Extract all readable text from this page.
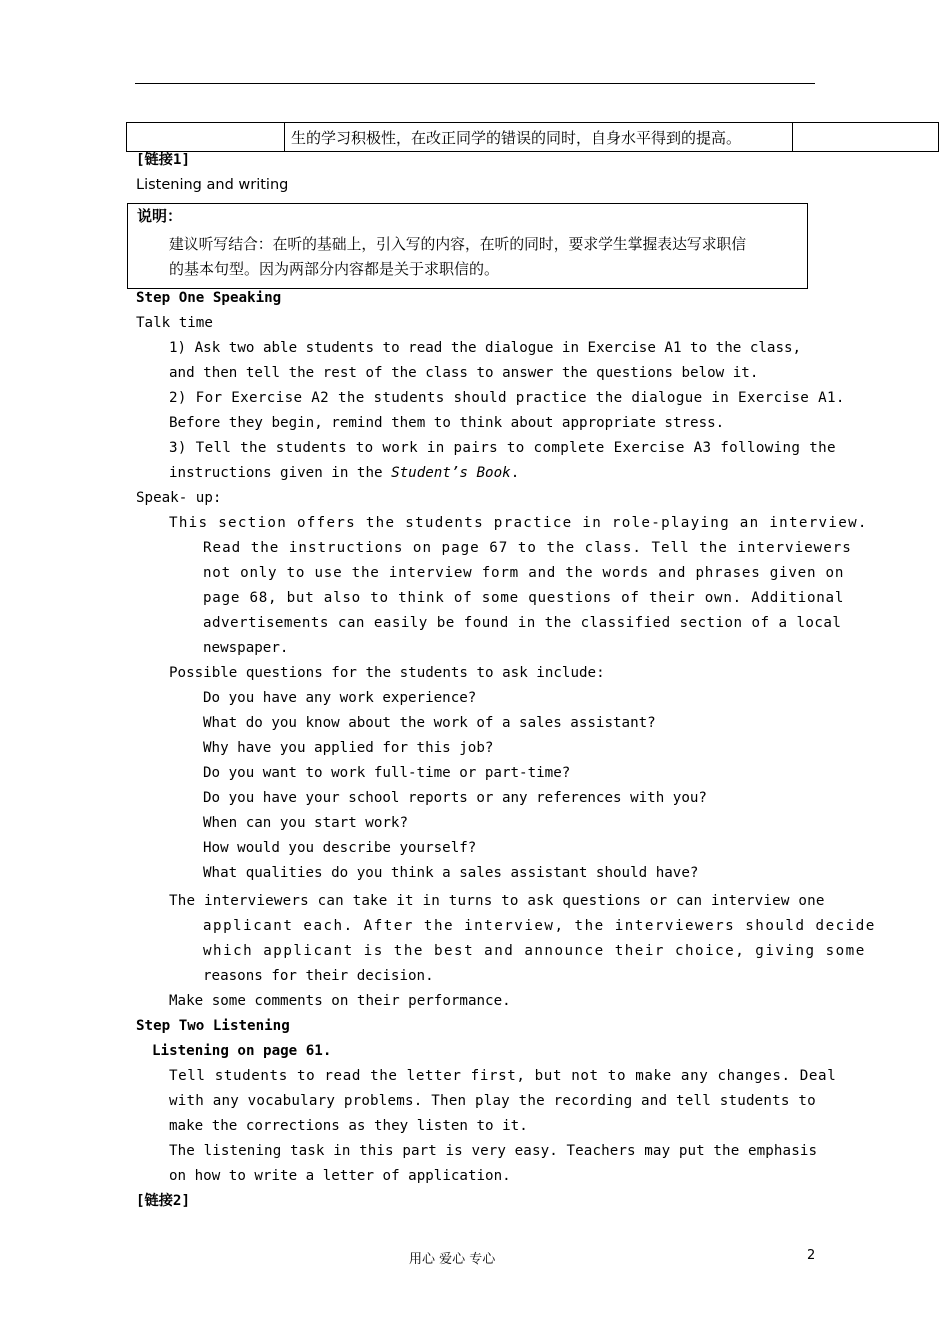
	生的学习积极性，在改正同学的错误的同时，自身水平得到的提高。	
[链接1]
Listening and writing
说明：
建议听写结合：在听的基础上，引入写的内容，在听的同时，要求学生掌握表达写求职信
的基本句型。因为两部分内容都是关于求职信的。
Step One Speaking
Talk time
1) Ask two able students to read the dialogue in Exercise A1 to the class,
and then tell the rest of the class to answer the questions below it.
2) For Exercise A2 the students should practice the dialogue in Exercise A1.
Before they begin, remind them to think about appropriate stress.
3) Tell the students to work in pairs to complete Exercise A3 following the
instructions given in the Student’s Book.
Speak- up:
This section offers the students practice in role-playing an interview.
Read the instructions on page 67 to the class. Tell the interviewers
not only to use the interview form and the words and phrases given on
page 68, but also to think of some questions of their own. Additional
advertisements can easily be found in the classified section of a local
newspaper.
Possible questions for the students to ask include:
Do you have any work experience?
What do you know about the work of a sales assistant?
Why have you applied for this job?
Do you want to work full-time or part-time?
Do you have your school reports or any references with you?
When can you start work?
How would you describe yourself?
What qualities do you think a sales assistant should have?
The interviewers can take it in turns to ask questions or can interview one
applicant each. After the interview, the interviewers should decide
which applicant is the best and announce their choice, giving some
reasons for their decision.
Make some comments on their performance.
Step Two Listening
Listening on page 61.
Tell students to read the letter first, but not to make any changes. Deal
with any vocabulary problems. Then play the recording and tell students to
make the corrections as they listen to it.
The listening task in this part is very easy. Teachers may put the emphasis
on how to write a letter of application.
[链接2]
用心 爱心 专心	2
